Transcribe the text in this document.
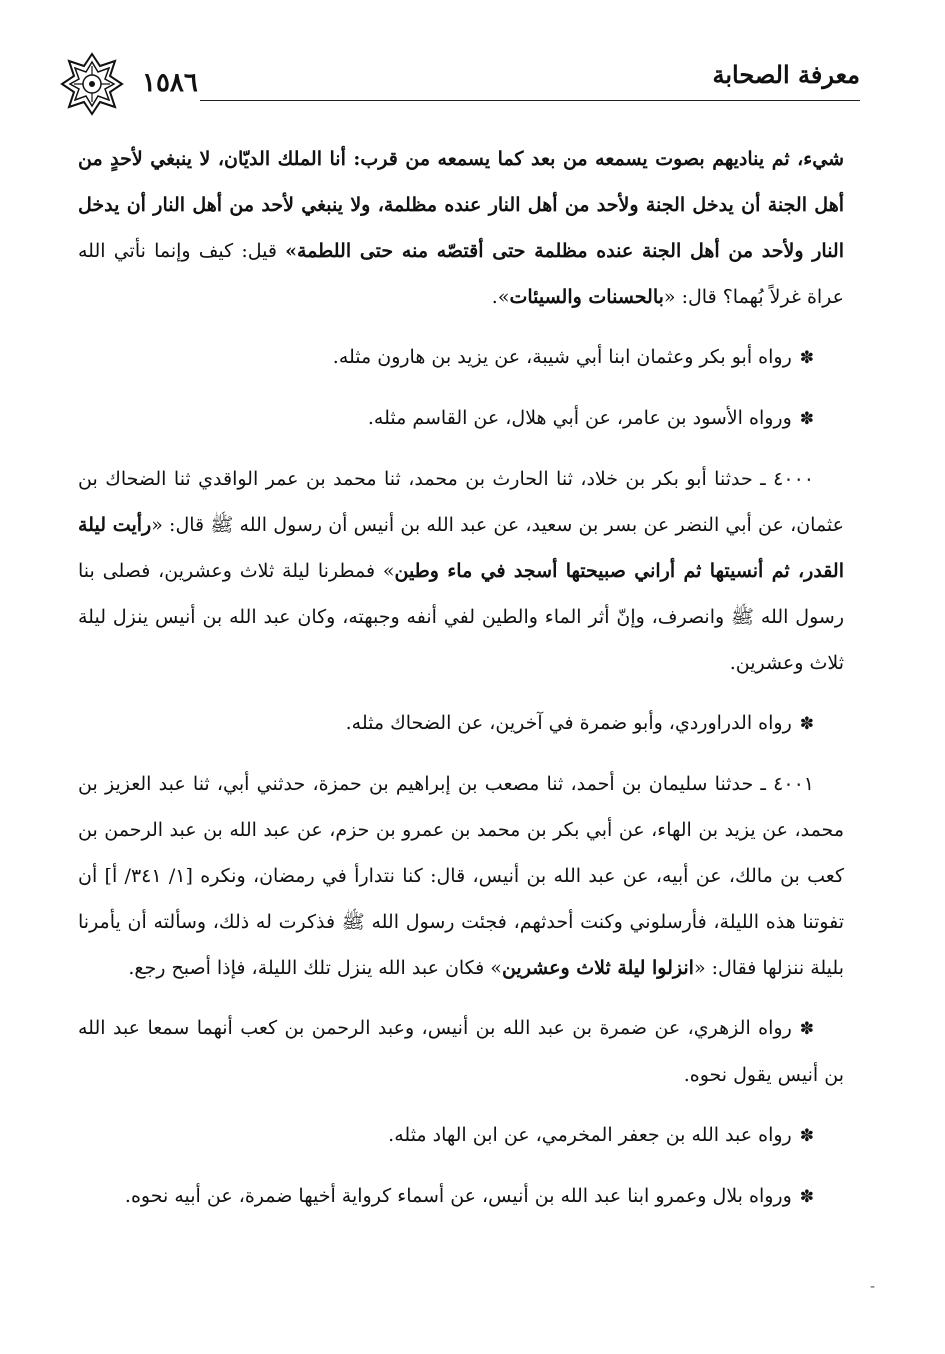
١٥٨٦	معرفة الصحابة

شيء، ثم يناديهم بصوت يسمعه من بعد كما يسمعه من قرب: أنا الملك الديّان، لا ينبغي لأحدٍ من أهل الجنة أن يدخل الجنة ولأحد من أهل النار عنده مظلمة، ولا ينبغي لأحد من أهل النار أن يدخل النار ولأحد من أهل الجنة عنده مظلمة حتى أقتصّه منه حتى اللطمة» قيل: كيف وإنما نأتي الله عراة غرلاً بُهما؟ قال: «بالحسنات والسيئات».

✽رواه أبو بكر وعثمان ابنا أبي شيبة، عن يزيد بن هارون مثله.

✽ورواه الأسود بن عامر، عن أبي هلال، عن القاسم مثله.

٤٠٠٠ ـ حدثنا أبو بكر بن خلاد، ثنا الحارث بن محمد، ثنا محمد بن عمر الواقدي ثنا الضحاك بن عثمان، عن أبي النضر عن بسر بن سعيد، عن عبد الله بن أنيس أن رسول الله ﷺ قال: «رأيت ليلة القدر، ثم أنسيتها ثم أراني صبيحتها أسجد في ماء وطين» فمطرنا ليلة ثلاث وعشرين، فصلى بنا رسول الله ﷺ وانصرف، وإنّ أثر الماء والطين لفي أنفه وجبهته، وكان عبد الله بن أنيس ينزل ليلة ثلاث وعشرين.

✽رواه الدراوردي، وأبو ضمرة في آخرين، عن الضحاك مثله.

٤٠٠١ ـ حدثنا سليمان بن أحمد، ثنا مصعب بن إبراهيم بن حمزة، حدثني أبي، ثنا عبد العزيز بن محمد، عن يزيد بن الهاء، عن أبي بكر بن محمد بن عمرو بن حزم، عن عبد الله بن عبد الرحمن بن كعب بن مالك، عن أبيه، عن عبد الله بن أنيس، قال: كنا نتدارأ في رمضان، ونكره [١/ ٣٤١/ أ] أن تفوتنا هذه الليلة، فأرسلوني وكنت أحدثهم، فجئت رسول الله ﷺ فذكرت له ذلك، وسألته أن يأمرنا بليلة ننزلها فقال: «انزلوا ليلة ثلاث وعشرين» فكان عبد الله ينزل تلك الليلة، فإذا أصبح رجع.

✽رواه الزهري، عن ضمرة بن عبد الله بن أنيس، وعبد الرحمن بن كعب أنهما سمعا عبد الله بن أنيس يقول نحوه.

✽رواه عبد الله بن جعفر المخرمي، عن ابن الهاد مثله.

✽ورواه بلال وعمرو ابنا عبد الله بن أنيس، عن أسماء كرواية أخيها ضمرة، عن أبيه نحوه.

˗
